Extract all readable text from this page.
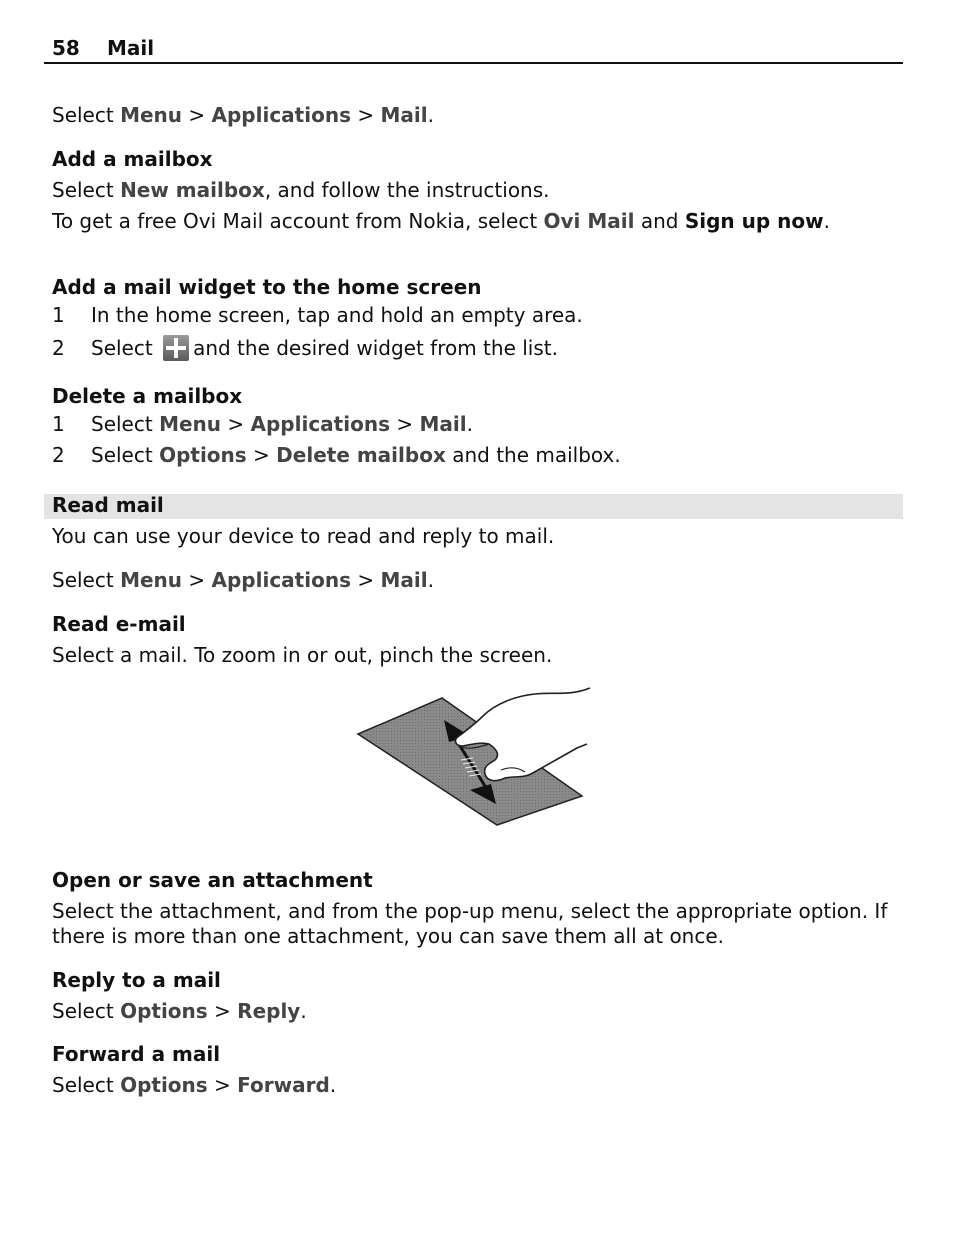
58 Mail
Select Menu > Applications > Mail.
Add a mailbox
Select New mailbox, and follow the instructions.
To get a free Ovi Mail account from Nokia, select Ovi Mail and Sign up now.
Add a mail widget to the home screen
1 In the home screen, tap and hold an empty area.
2 Select and the desired widget from the list.
Delete a mailbox
1 Select Menu > Applications > Mail.
2 Select Options > Delete mailbox and the mailbox.
Read mail
You can use your device to read and reply to mail.
Select Menu > Applications > Mail.
Read e-mail
Select a mail. To zoom in or out, pinch the screen.
Open or save an attachment
Select the attachment, and from the pop-up menu, select the appropriate option. If there is more than one attachment, you can save them all at once.
Reply to a mail
Select Options > Reply.
Forward a mail
Select Options > Forward.
